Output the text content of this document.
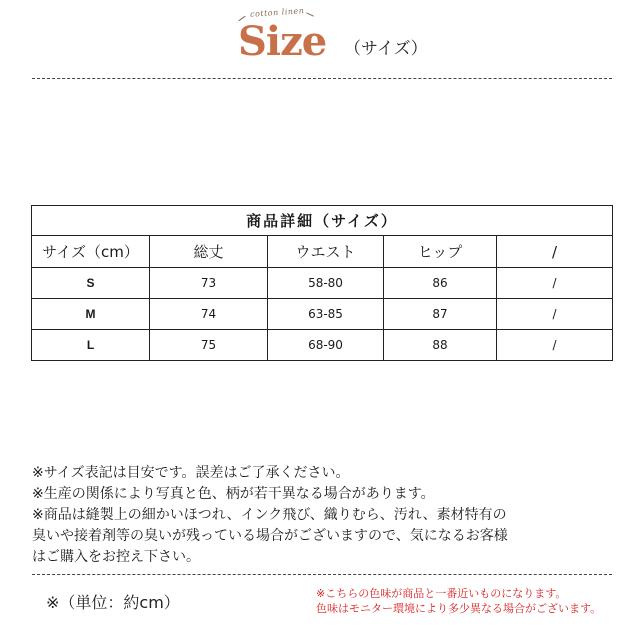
cotton linen
Size （サイズ）
商品詳細（サイズ）				
サイズ（cm）	総丈	ウエスト	ヒップ	/
S	73	58-80	86	/
M	74	63-85	87	/
L	75	68-90	88	/
※サイズ表記は目安です。誤差はご了承ください。
※生産の関係により写真と色、柄が若干異なる場合があります。
※商品は縫製上の細かいほつれ、インク飛び、織りむら、汚れ、素材特有の
臭いや接着剤等の臭いが残っている場合がございますので、気になるお客様
はご購入をお控え下さい。
※（単位：約cm）	※こちらの色味が商品と一番近いものになります。
色味はモニター環境により多少異なる場合がございます。
